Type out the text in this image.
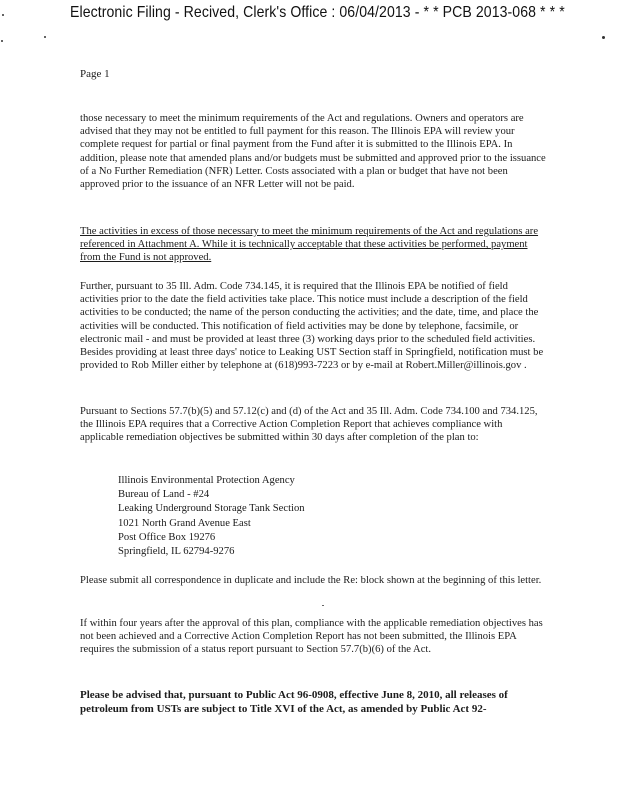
Electronic Filing - Recived, Clerk's Office : 06/04/2013 - * * PCB 2013-068 * * *
Page 1
those necessary to meet the minimum requirements of the Act and regulations. Owners and operators are advised that they may not be entitled to full payment for this reason. The Illinois EPA will review your complete request for partial or final payment from the Fund after it is submitted to the Illinois EPA. In addition, please note that amended plans and/or budgets must be submitted and approved prior to the issuance of a No Further Remediation (NFR) Letter. Costs associated with a plan or budget that have not been approved prior to the issuance of an NFR Letter will not be paid.
The activities in excess of those necessary to meet the minimum requirements of the Act and regulations are referenced in Attachment A. While it is technically acceptable that these activities be performed, payment from the Fund is not approved.
Further, pursuant to 35 Ill. Adm. Code 734.145, it is required that the Illinois EPA be notified of field activities prior to the date the field activities take place. This notice must include a description of the field activities to be conducted; the name of the person conducting the activities; and the date, time, and place the activities will be conducted. This notification of field activities may be done by telephone, facsimile, or electronic mail - and must be provided at least three (3) working days prior to the scheduled field activities. Besides providing at least three days' notice to Leaking UST Section staff in Springfield, notification must be provided to Rob Miller either by telephone at (618)993-7223 or by e-mail at Robert.Miller@illinois.gov .
Pursuant to Sections 57.7(b)(5) and 57.12(c) and (d) of the Act and 35 Ill. Adm. Code 734.100 and 734.125, the Illinois EPA requires that a Corrective Action Completion Report that achieves compliance with applicable remediation objectives be submitted within 30 days after completion of the plan to:
Illinois Environmental Protection Agency
Bureau of Land - #24
Leaking Underground Storage Tank Section
1021 North Grand Avenue East
Post Office Box 19276
Springfield, IL 62794-9276
Please submit all correspondence in duplicate and include the Re: block shown at the beginning of this letter.
If within four years after the approval of this plan, compliance with the applicable remediation objectives has not been achieved and a Corrective Action Completion Report has not been submitted, the Illinois EPA requires the submission of a status report pursuant to Section 57.7(b)(6) of the Act.
Please be advised that, pursuant to Public Act 96-0908, effective June 8, 2010, all releases of petroleum from USTs are subject to Title XVI of the Act, as amended by Public Act 92-
